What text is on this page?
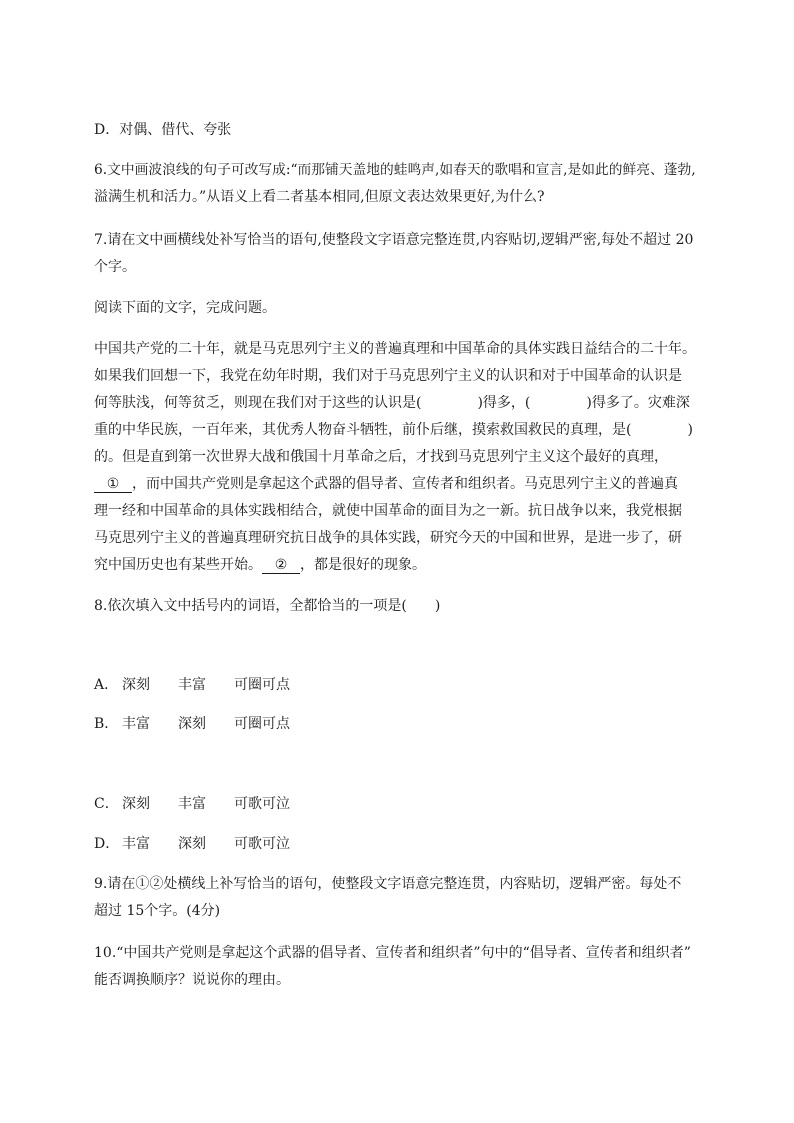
D．对偶、借代、夸张
6.文中画波浪线的句子可改写成:“而那铺天盖地的蛙鸣声,如春天的歌唱和宣言,是如此的鲜亮、蓬勃,
溢满生机和活力。”从语义上看二者基本相同,但原文表达效果更好,为什么?
7.请在文中画横线处补写恰当的语句,使整段文字语意完整连贯,内容贴切,逻辑严密,每处不超过 20
个字。
阅读下面的文字，完成问题。
中国共产党的二十年，就是马克思列宁主义的普遍真理和中国革命的具体实践日益结合的二十年。
如果我们回想一下，我党在幼年时期，我们对于马克思列宁主义的认识和对于中国革命的认识是
何等肤浅，何等贫乏，则现在我们对于这些的认识是(	)得多，(	)得多了。灾难深
重的中华民族，一百年来，其优秀人物奋斗牺牲，前仆后继，摸索救国救民的真理，是(	)
的。但是直到第一次世界大战和俄国十月革命之后，才找到马克思列宁主义这个最好的真理，
① ，而中国共产党则是拿起这个武器的倡导者、宣传者和组织者。马克思列宁主义的普遍真
理一经和中国革命的具体实践相结合，就使中国革命的面目为之一新。抗日战争以来，我党根据
马克思列宁主义的普遍真理研究抗日战争的具体实践，研究今天的中国和世界，是进一步了，研
究中国历史也有某些开始。 ② ，都是很好的现象。
8.依次填入文中括号内的词语，全都恰当的一项是(　　)
A． 深刻 丰富 可圈可点
B． 丰富 深刻 可圈可点
C． 深刻 丰富 可歌可泣
D． 丰富 深刻 可歌可泣
9.请在①②处横线上补写恰当的语句，使整段文字语意完整连贯，内容贴切，逻辑严密。每处不
超过 15个字。(4分)
10.“中国共产党则是拿起这个武器的倡导者、宣传者和组织者”句中的“倡导者、宣传者和组织者”
能否调换顺序？说说你的理由。
